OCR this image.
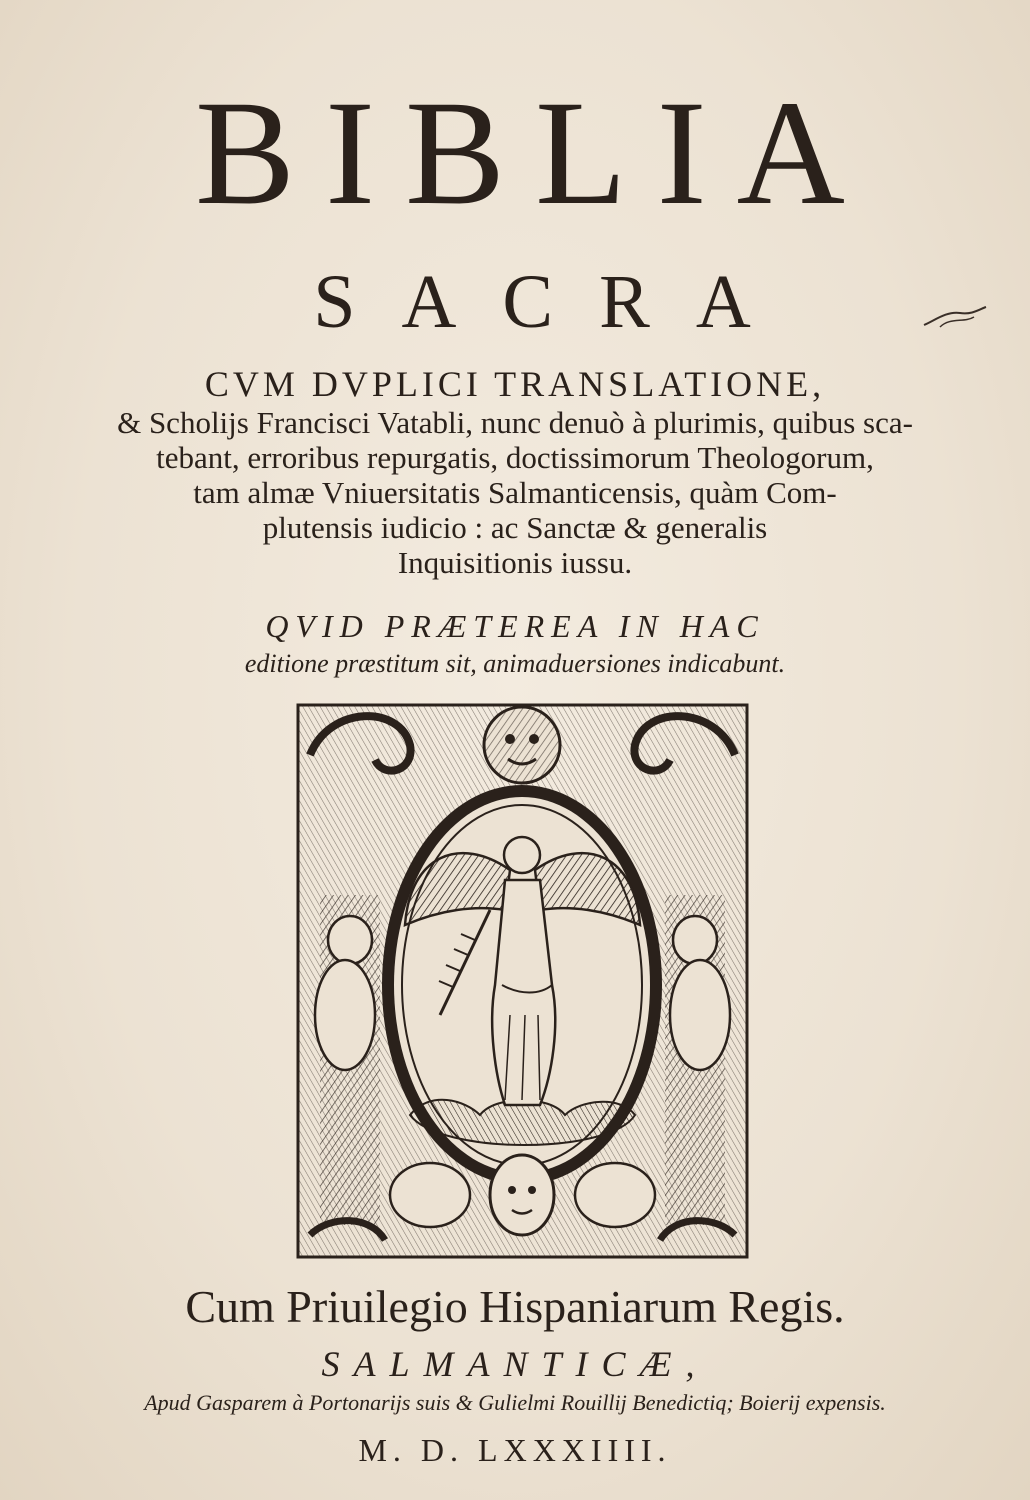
BIBLIA
SACRA
CVM DVPLICI TRANSLATIONE,
& Scholijs Francisci Vatabli, nunc denuò à plurimis, quibus sca-
tebant, erroribus repurgatis, doctissimorum Theologorum,
tam almæ Vniuersitatis Salmanticensis, quàm Com-
plutensis iudicio : ac Sanctæ & generalis
Inquisitionis iussu.
QVID PRÆTEREA IN HAC
editione præstitum sit, animaduersiones indicabunt.
Cum Priuilegio Hispaniarum Regis.
SALMANTICÆ,
Apud Gasparem à Portonarijs suis & Gulielmi Rouillij Benedictiq; Boierij expensis.
M. D. LXXXIIII.
